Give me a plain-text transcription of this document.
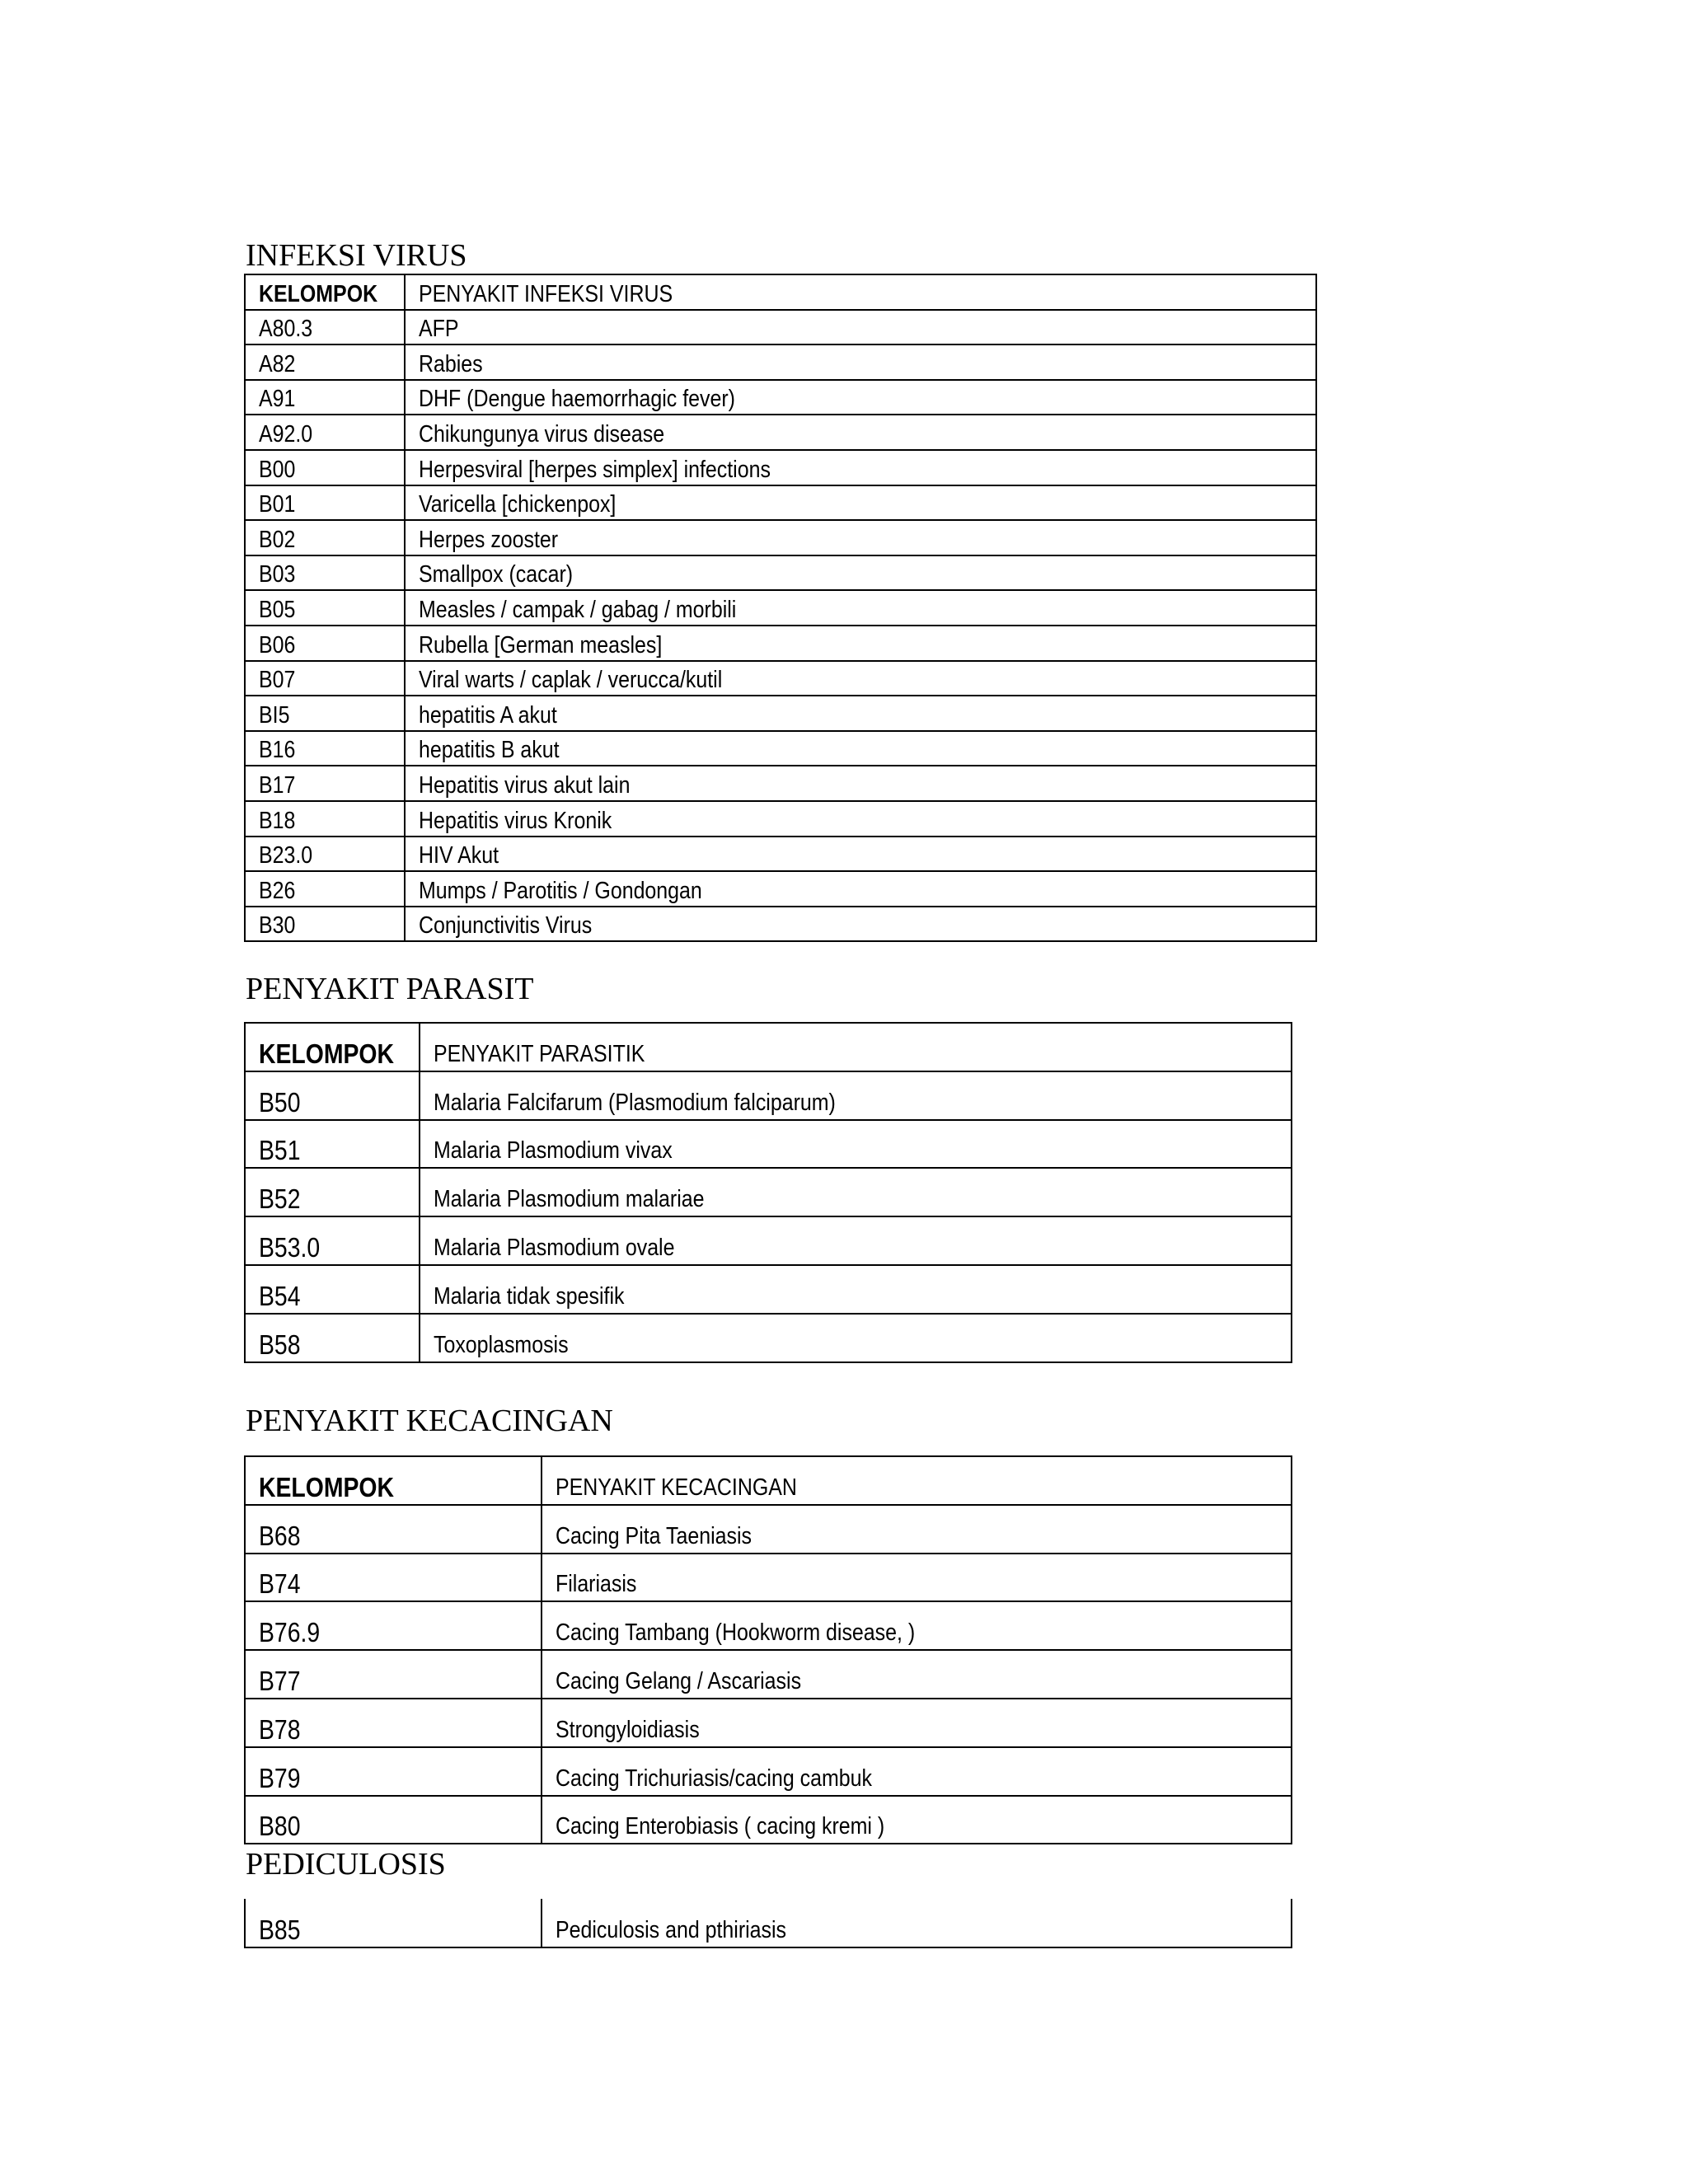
INFEKSI VIRUS
KELOMPOK	PENYAKIT INFEKSI VIRUS
A80.3	AFP
A82	Rabies
A91	DHF (Dengue haemorrhagic fever)
A92.0	Chikungunya virus disease
B00	Herpesviral [herpes simplex] infections
B01	Varicella [chickenpox]
B02	Herpes zooster
B03	Smallpox (cacar)
B05	Measles / campak / gabag / morbili
B06	Rubella [German measles]
B07	Viral warts / caplak / verucca/kutil
BI5	hepatitis A akut
B16	hepatitis B akut
B17	Hepatitis virus akut lain
B18	Hepatitis virus Kronik
B23.0	HIV Akut
B26	Mumps / Parotitis / Gondongan
B30	Conjunctivitis Virus
PENYAKIT PARASIT
KELOMPOK	PENYAKIT PARASITIK
B50	Malaria Falcifarum (Plasmodium falciparum)
B51	Malaria Plasmodium vivax
B52	Malaria Plasmodium malariae
B53.0	Malaria Plasmodium ovale
B54	Malaria tidak spesifik
B58	Toxoplasmosis
PENYAKIT KECACINGAN
KELOMPOK	PENYAKIT KECACINGAN
B68	Cacing Pita Taeniasis
B74	Filariasis
B76.9	Cacing Tambang (Hookworm disease, )
B77	Cacing Gelang / Ascariasis
B78	Strongyloidiasis
B79	Cacing Trichuriasis/cacing cambuk
B80	Cacing Enterobiasis ( cacing kremi )
PEDICULOSIS
B85	Pediculosis and pthiriasis
